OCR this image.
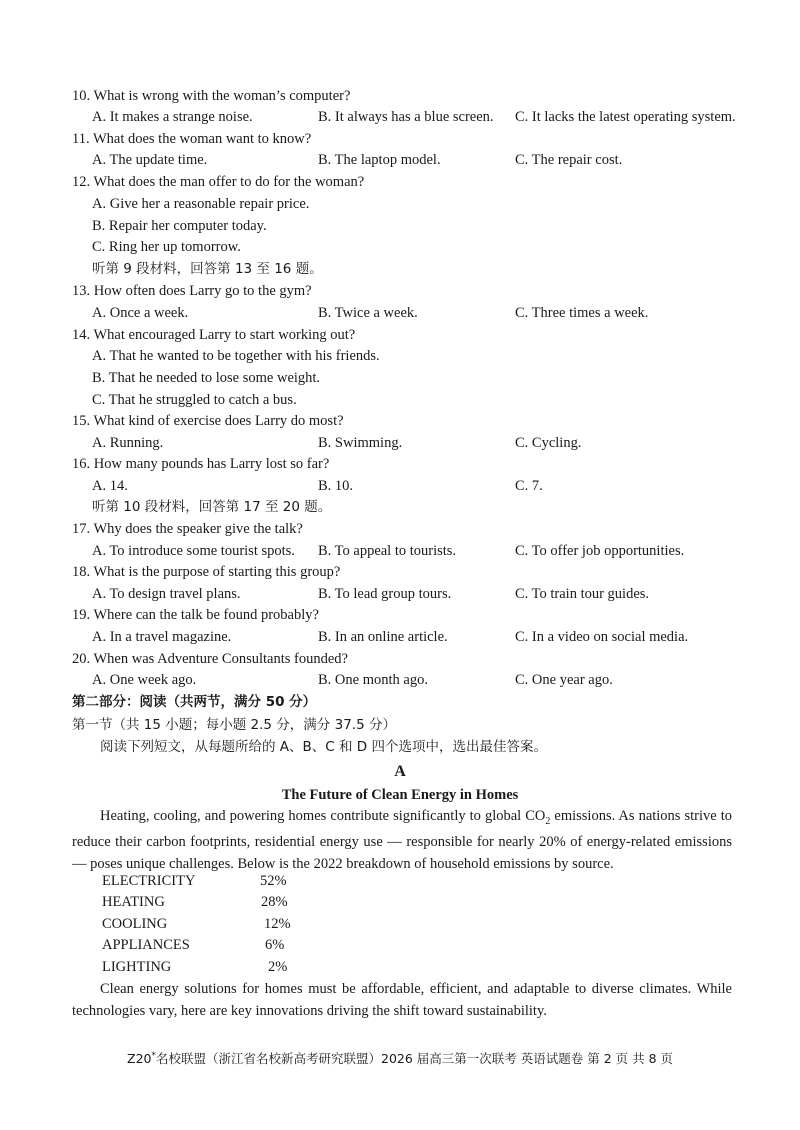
10. What is wrong with the woman’s computer?
A. It makes a strange noise.	B. It always has a blue screen. C. It lacks the latest operating system.
11. What does the woman want to know?
A. The update time.	B. The laptop model.	C. The repair cost.
12. What does the man offer to do for the woman?
A. Give her a reasonable repair price.
B. Repair her computer today.
C. Ring her up tomorrow.
听第 9 段材料，回答第 13 至 16 题。
13. How often does Larry go to the gym?
A. Once a week.	B. Twice a week.	C. Three times a week.
14. What encouraged Larry to start working out?
A. That he wanted to be together with his friends.
B. That he needed to lose some weight.
C. That he struggled to catch a bus.
15. What kind of exercise does Larry do most?
A. Running.	B. Swimming.	C. Cycling.
16. How many pounds has Larry lost so far?
A. 14.	B. 10.	C. 7.
听第 10 段材料，回答第 17 至 20 题。
17. Why does the speaker give the talk?
A. To introduce some tourist spots. B. To appeal to tourists.	C. To offer job opportunities.
18. What is the purpose of starting this group?
A. To design travel plans.	B. To lead group tours.	C. To train tour guides.
19. Where can the talk be found probably?
A. In a travel magazine.	B. In an online article.	C. In a video on social media.
20. When was Adventure Consultants founded?
A. One week ago.	B. One month ago.	C. One year ago.
第二部分：阅读（共两节，满分 50 分）
第一节（共 15 小题；每小题 2.5 分，满分 37.5 分）
阅读下列短文，从每题所给的 A、B、C 和 D 四个选项中，选出最佳答案。
A
The Future of Clean Energy in Homes

Heating, cooling, and powering homes contribute significantly to global $CO_2$ emissions. As nations strive to reduce their carbon footprints, residential energy use — responsible for nearly 20% of energy-related emissions — poses unique challenges. Below is the 2022 breakdown of household emissions by source.

ELECTRICITY	52%
HEATING	28%
COOLING	12%
APPLIANCES	6%
LIGHTING	2%

Clean energy solutions for homes must be affordable, efficient, and adaptable to diverse climates. While technologies vary, here are key innovations driving the shift toward sustainability.

Z20*名校联盟（浙江省名校新高考研究联盟）2026 届高三第一次联考 英语试题卷 第 2 页 共 8 页
